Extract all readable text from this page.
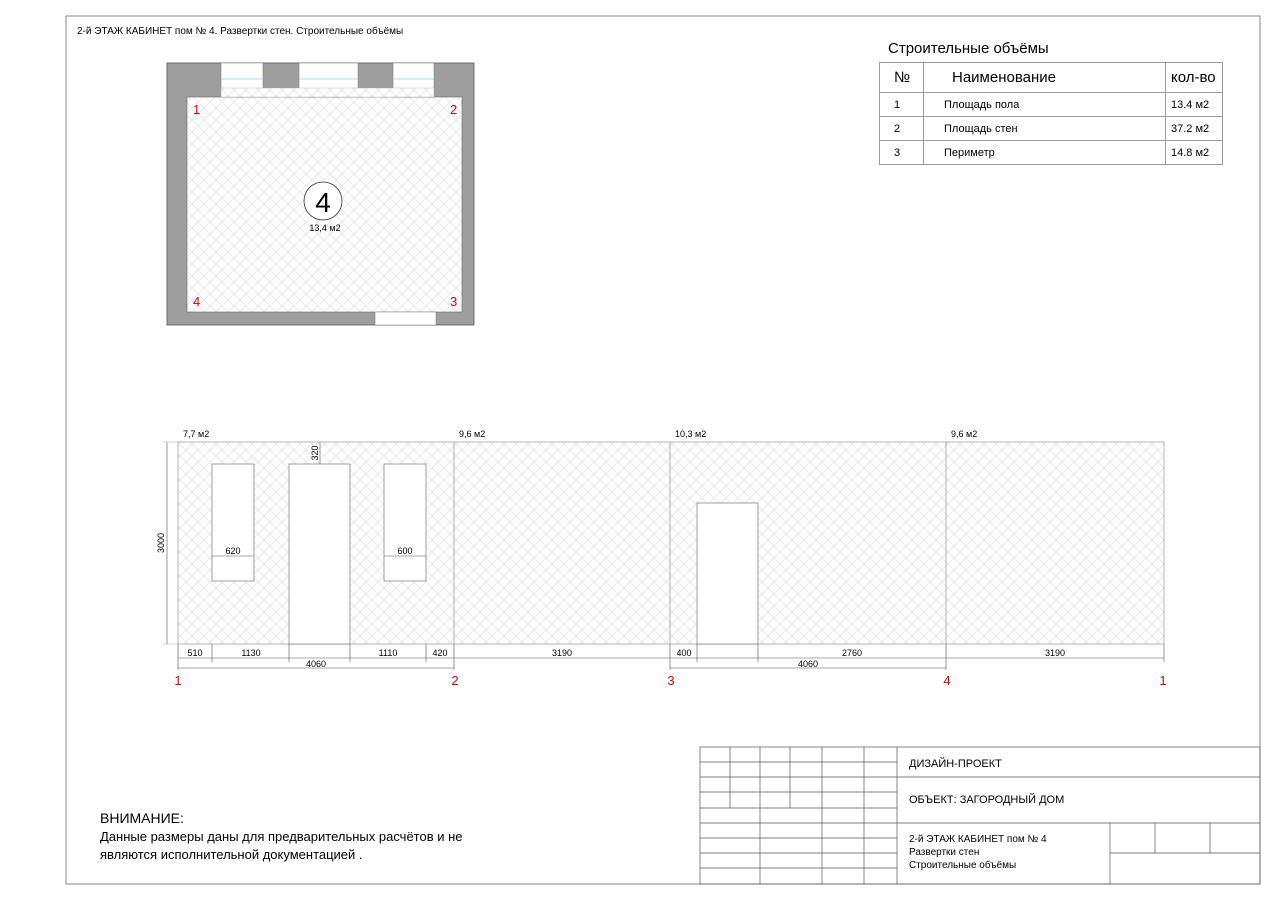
4
13,4 м2
1	2
3
4
7,7 м2	9,6 м2	10,3 м2	9,6 м2
3000
320
620	600
510	1130	1110	420	3190	400	2760	3190
4060	4060
1	2	3	4	1
2-й ЭТАЖ КАБИНЕТ пом № 4. Развертки стен. Строительные объёмы
Строительные объёмы
№	Наименование	кол-во
1	Площадь пола	13.4 м2
2	Площадь стен	37.2 м2
3	Периметр	14.8 м2
ВНИМАНИЕ:
Данные размеры даны для предварительных расчётов и не являются исполнительной документацией .
ДИЗАЙН-ПРОЕКТ
ОБЪЕКТ: ЗАГОРОДНЫЙ ДОМ
2-й ЭТАЖ КАБИНЕТ пом № 4
Развертки стен
Строительные объёмы
